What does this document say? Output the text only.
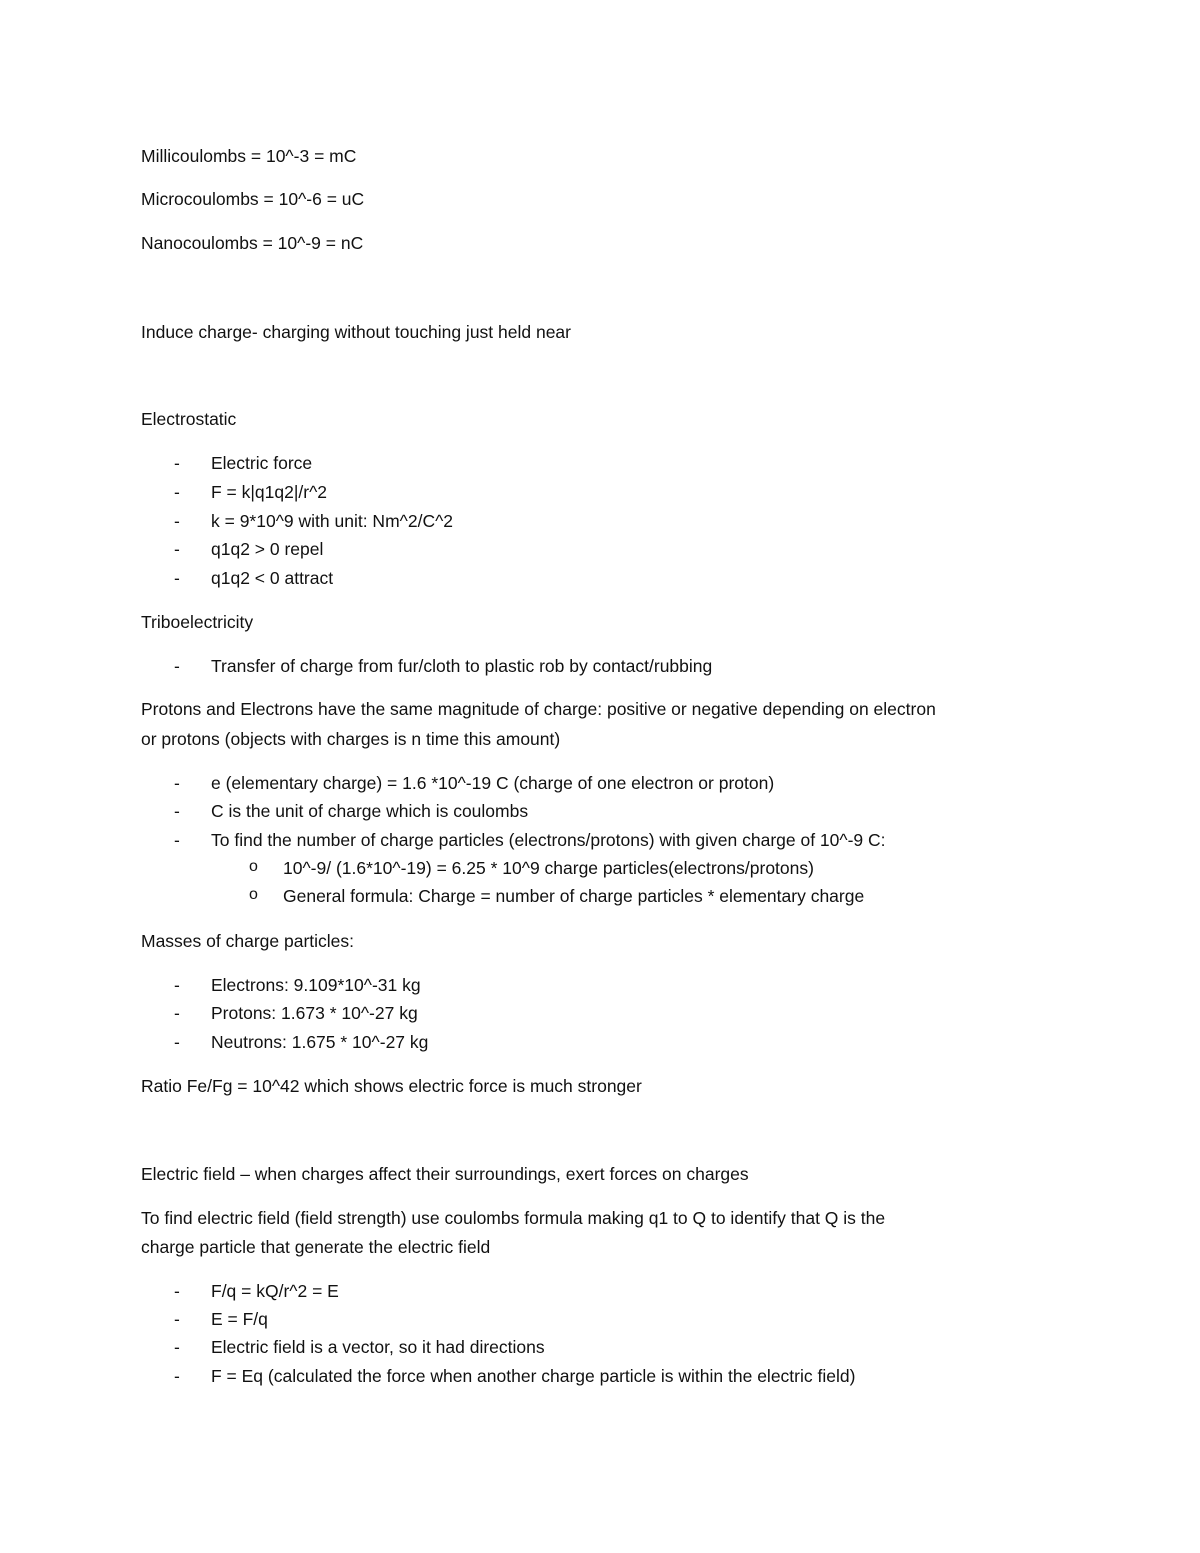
Millicoulombs = 10^-3 = mC
Microcoulombs = 10^-6 = uC
Nanocoulombs = 10^-9 = nC
Induce charge- charging without touching just held near
Electrostatic
- Electric force
- F = k|q1q2|/r^2
- k = 9*10^9 with unit: Nm^2/C^2
- q1q2 > 0 repel
- q1q2 < 0 attract
Triboelectricity
- Transfer of charge from fur/cloth to plastic rob by contact/rubbing
Protons and Electrons have the same magnitude of charge: positive or negative depending on electron
or protons (objects with charges is n time this amount)
- e (elementary charge) = 1.6 *10^-19 C (charge of one electron or proton)
- C is the unit of charge which is coulombs
- To find the number of charge particles (electrons/protons) with given charge of 10^-9 C:
o 10^-9/ (1.6*10^-19) = 6.25 * 10^9 charge particles(electrons/protons)
o General formula: Charge = number of charge particles * elementary charge
Masses of charge particles:
- Electrons: 9.109*10^-31 kg
- Protons: 1.673 * 10^-27 kg
- Neutrons: 1.675 * 10^-27 kg
Ratio Fe/Fg = 10^42 which shows electric force is much stronger
Electric field – when charges affect their surroundings, exert forces on charges
To find electric field (field strength) use coulombs formula making q1 to Q to identify that Q is the
charge particle that generate the electric field
- F/q = kQ/r^2 = E
- E = F/q
- Electric field is a vector, so it had directions
- F = Eq (calculated the force when another charge particle is within the electric field)
